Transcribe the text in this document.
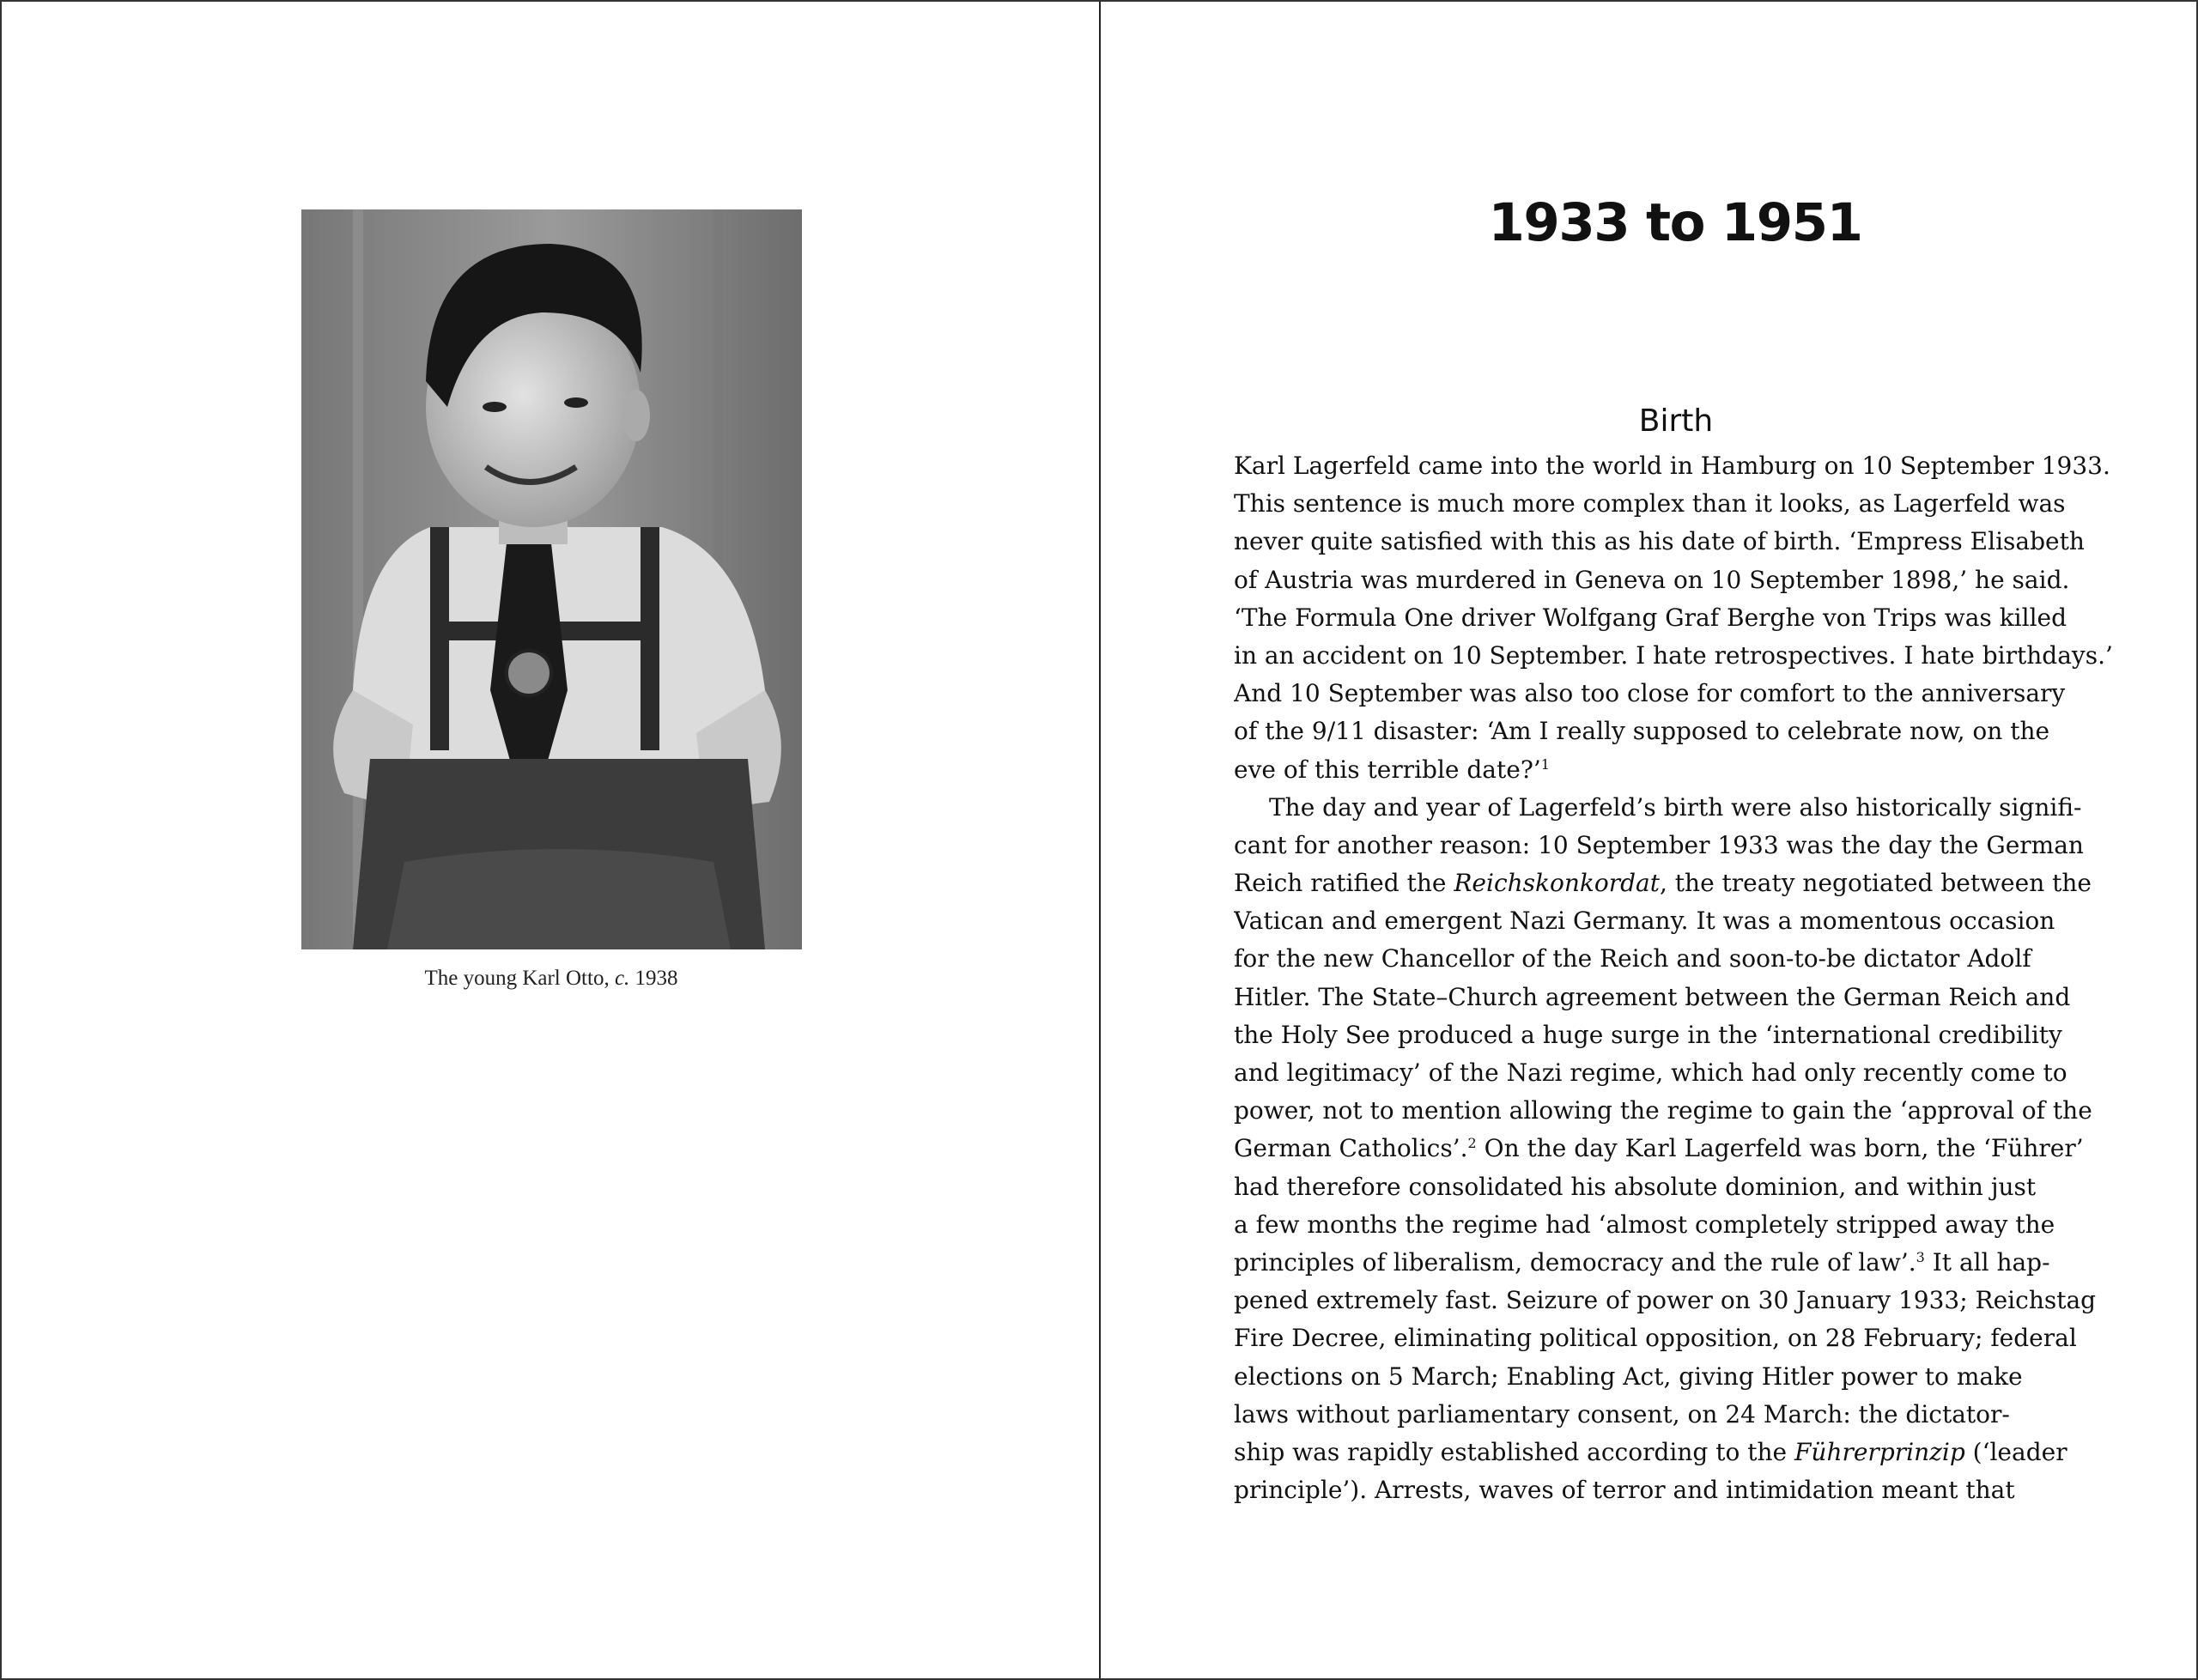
The young Karl Otto, c. 1938
1933 to 1951
Birth
Karl Lagerfeld came into the world in Hamburg on 10 September 1933.
This sentence is much more complex than it looks, as Lagerfeld was
never quite satisfied with this as his date of birth. ‘Empress Elisabeth
of Austria was murdered in Geneva on 10 September 1898,’ he said.
‘The Formula One driver Wolfgang Graf Berghe von Trips was killed
in an accident on 10 September. I hate retrospectives. I hate birthdays.’
And 10 September was also too close for comfort to the anniversary
of the 9/11 disaster: ‘Am I really supposed to celebrate now, on the
eve of this terrible date?’$^1$
The day and year of Lagerfeld’s birth were also historically signifi-
cant for another reason: 10 September 1933 was the day the German
Reich ratified the Reichskonkordat, the treaty negotiated between the
Vatican and emergent Nazi Germany. It was a momentous occasion
for the new Chancellor of the Reich and soon-to-be dictator Adolf
Hitler. The State–Church agreement between the German Reich and
the Holy See produced a huge surge in the ‘international credibility
and legitimacy’ of the Nazi regime, which had only recently come to
power, not to mention allowing the regime to gain the ‘approval of the
German Catholics’.$^2$ On the day Karl Lagerfeld was born, the ‘Führer’
had therefore consolidated his absolute dominion, and within just
a few months the regime had ‘almost completely stripped away the
principles of liberalism, democracy and the rule of law’.$^3$ It all hap-
pened extremely fast. Seizure of power on 30 January 1933; Reichstag
Fire Decree, eliminating political opposition, on 28 February; federal
elections on 5 March; Enabling Act, giving Hitler power to make
laws without parliamentary consent, on 24 March: the dictator-
ship was rapidly established according to the Führerprinzip (‘leader
principle’). Arrests, waves of terror and intimidation meant that
